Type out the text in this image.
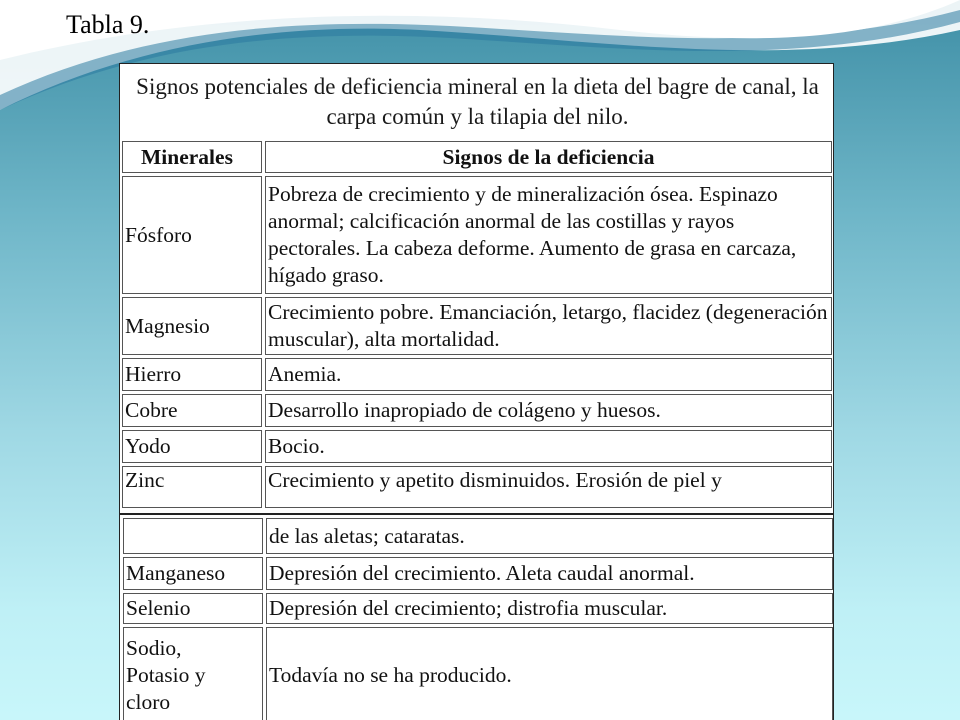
Tabla 9.
Signos potenciales de deficiencia mineral en la dieta del bagre de canal, la carpa común y la tilapia del nilo.
Minerales	Signos de la deficiencia
Fósforo	Pobreza de crecimiento y de mineralización ósea. Espinazo anormal; calcificación anormal de las costillas y rayos pectorales. La cabeza deforme. Aumento de grasa en carcaza, hígado graso.
Magnesio	Crecimiento pobre. Emanciación, letargo, flacidez (degeneración muscular), alta mortalidad.
Hierro	Anemia.
Cobre	Desarrollo inapropiado de colágeno y huesos.
Yodo	Bocio.
Zinc	Crecimiento y apetito disminuidos. Erosión de piel y
	de las aletas; cataratas.
Manganeso	Depresión del crecimiento. Aleta caudal anormal.
Selenio	Depresión del crecimiento; distrofia muscular.
Sodio,
Potasio y
cloro	Todavía no se ha producido.
